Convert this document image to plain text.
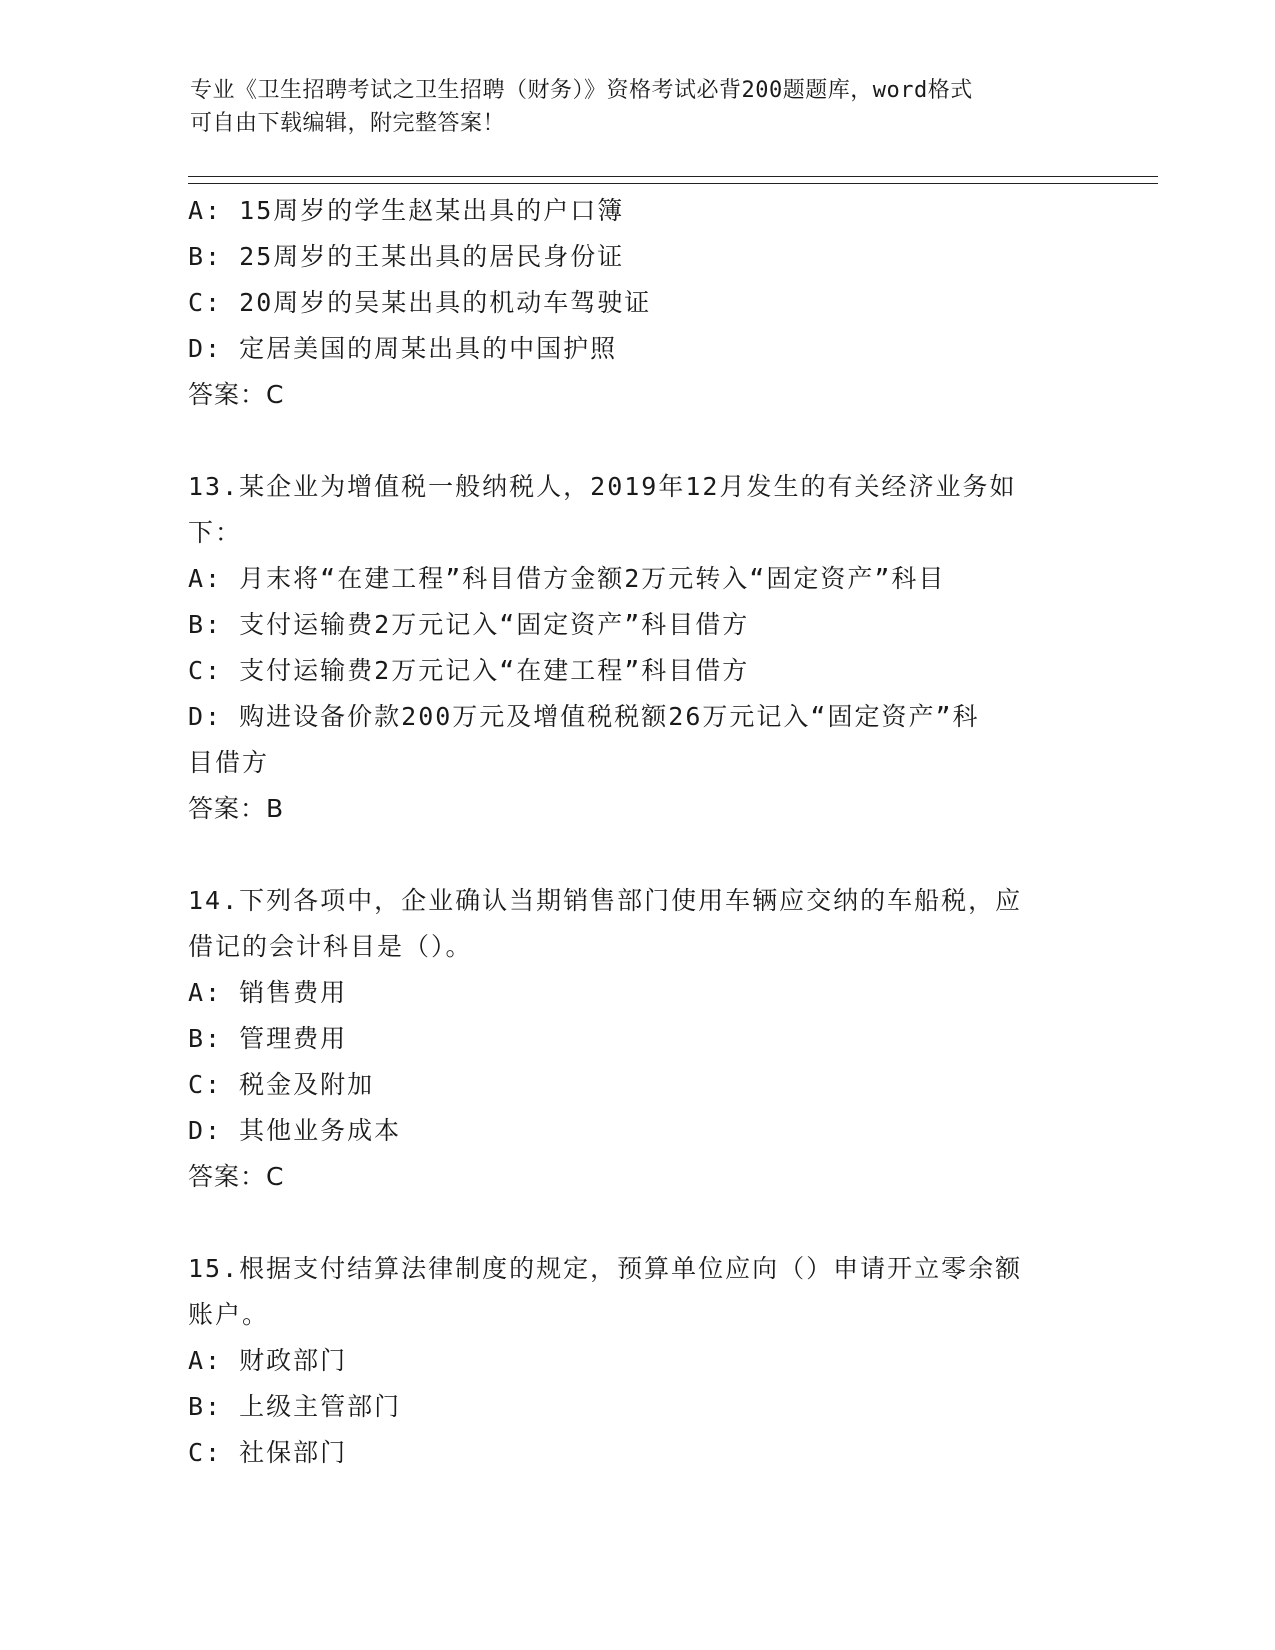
专业《卫生招聘考试之卫生招聘（财务）》资格考试必背200题题库，word格式
可自由下载编辑，附完整答案！
A: 15周岁的学生赵某出具的户口簿
B: 25周岁的王某出具的居民身份证
C: 20周岁的吴某出具的机动车驾驶证
D: 定居美国的周某出具的中国护照
答案：C
13.某企业为增值税一般纳税人，2019年12月发生的有关经济业务如
下：
A: 月末将“在建工程”科目借方金额2万元转入“固定资产”科目
B: 支付运输费2万元记入“固定资产”科目借方
C: 支付运输费2万元记入“在建工程”科目借方
D: 购进设备价款200万元及增值税税额26万元记入“固定资产”科
目借方
答案：B
14.下列各项中，企业确认当期销售部门使用车辆应交纳的车船税，应
借记的会计科目是（）。
A: 销售费用
B: 管理费用
C: 税金及附加
D: 其他业务成本
答案：C
15.根据支付结算法律制度的规定，预算单位应向（）申请开立零余额
账户。
A: 财政部门
B: 上级主管部门
C: 社保部门
